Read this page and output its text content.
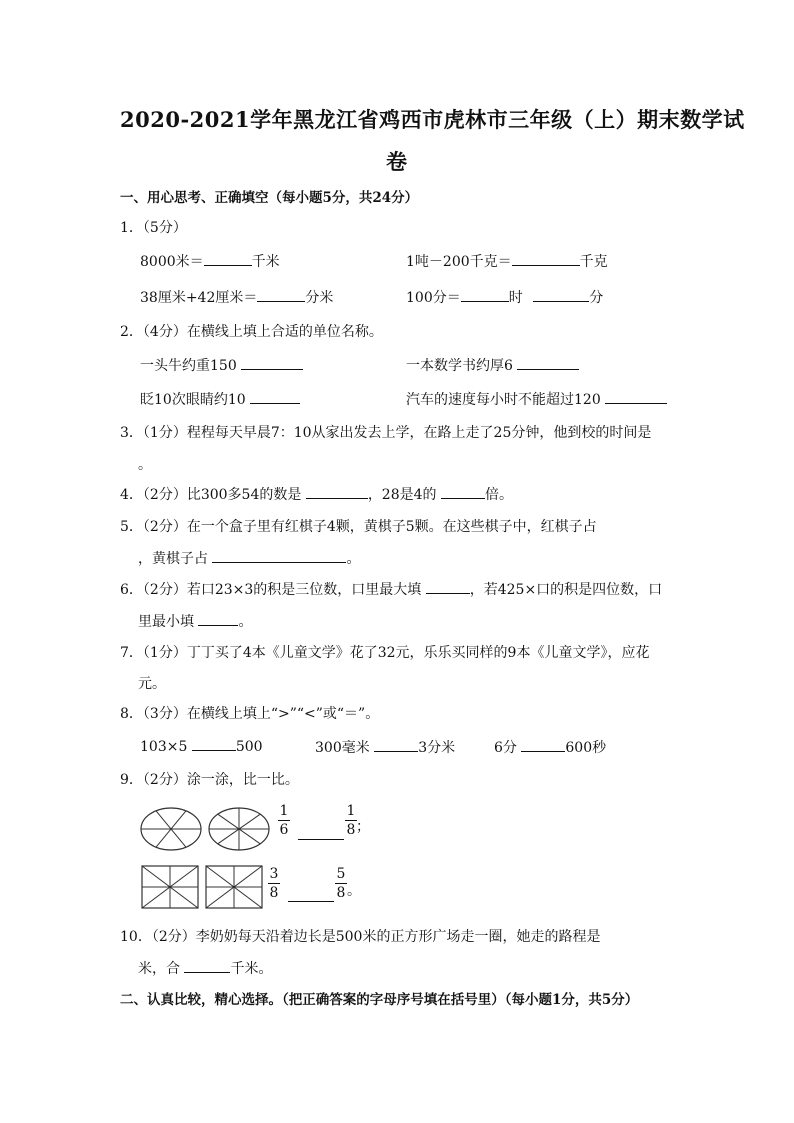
2020-2021学年黑龙江省鸡西市虎林市三年级（上）期末数学试
卷
一、用心思考、正确填空（每小题5分，共24分）
1．（5分）
8000米＝	千米	1吨－200千克＝	千克
38厘米+42厘米＝	分米	100分＝	时	分
2．（4分）在横线上填上合适的单位名称。
一头牛约重150	一本数学书约厚6
眨10次眼睛约10	汽车的速度每小时不能超过120
3．（1分）程程每天早晨7：10从家出发去上学，在路上走了25分钟，他到校的时间是
。
4．（2分）比300多54的数是	，28是4的	倍。
5．（2分）在一个盒子里有红棋子4颗，黄棋子5颗。在这些棋子中，红棋子占
，黄棋子占	。
6．（2分）若口23×3的积是三位数，口里最大填	，若425×口的积是四位数，口
里最小填	。
7．（1分）丁丁买了4本《儿童文学》花了32元，乐乐买同样的9本《儿童文学》，应花
元。
8．（3分）在横线上填上“>”“<”或“＝”。
103×5	500	300毫米	3分米	6分	600秒
9．（2分）涂一涂，比一比。
1
6
1
8 ；
3
8
5
8 。
10．（2分）李奶奶每天沿着边长是500米的正方形广场走一圈，她走的路程是
米，合	千米。
二、认真比较，精心选择。（把正确答案的字母序号填在括号里）（每小题1分，共5分）
